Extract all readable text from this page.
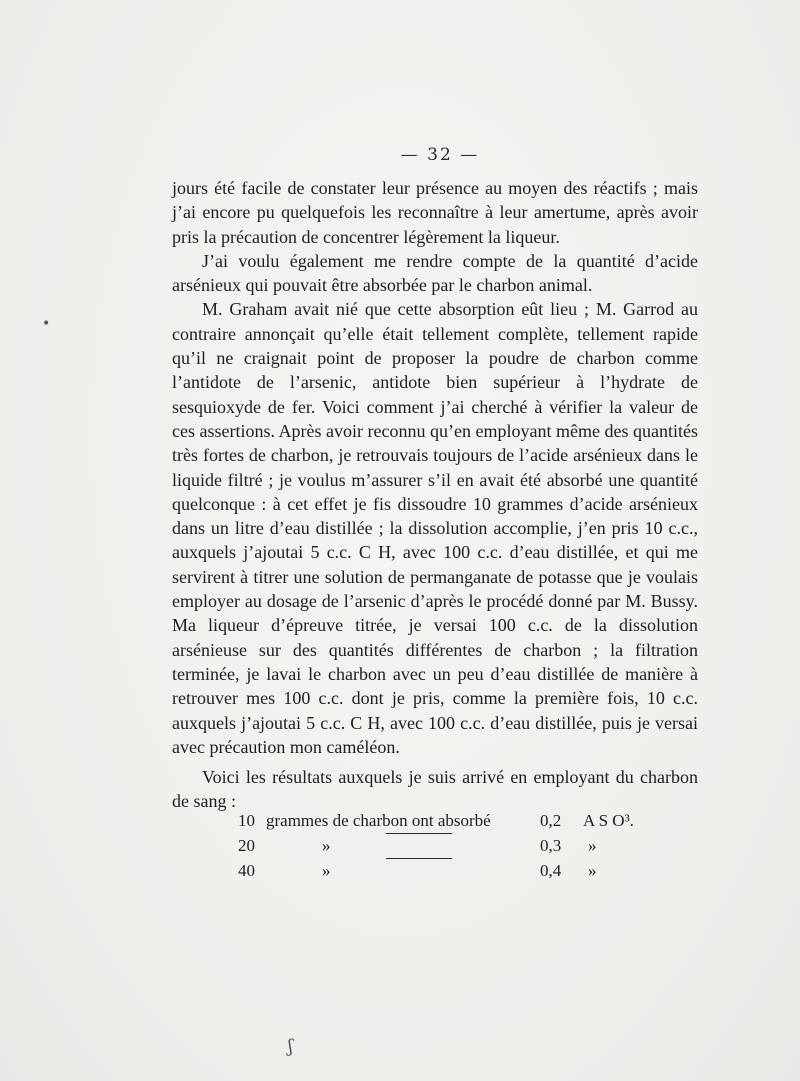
— 32 —

jours été facile de constater leur présence au moyen des réactifs ; mais j’ai encore pu quelquefois les reconnaître à leur amertume, après avoir pris la précaution de concentrer légèrement la liqueur.

J’ai voulu également me rendre compte de la quantité d’acide arsénieux qui pouvait être absorbée par le charbon animal.

M. Graham avait nié que cette absorption eût lieu ; M. Garrod au contraire annonçait qu’elle était tellement complète, tellement rapide qu’il ne craignait point de proposer la poudre de charbon comme l’antidote de l’arsenic, antidote bien supérieur à l’hydrate de sesquioxyde de fer. Voici comment j’ai cherché à vérifier la valeur de ces assertions. Après avoir reconnu qu’en employant même des quantités très fortes de charbon, je retrouvais toujours de l’acide arsénieux dans le liquide filtré ; je voulus m’assurer s’il en avait été absorbé une quantité quelconque : à cet effet je fis dissoudre 10 grammes d’acide arsénieux dans un litre d’eau distillée ; la dissolution accomplie, j’en pris 10 c.c., auxquels j’ajoutai 5 c.c. C H, avec 100 c.c. d’eau distillée, et qui me servirent à titrer une solution de permanganate de potasse que je voulais employer au dosage de l’arsenic d’après le procédé donné par M. Bussy. Ma liqueur d’épreuve titrée, je versai 100 c.c. de la dissolution arsénieuse sur des quantités différentes de charbon ; la filtration terminée, je lavai le charbon avec un peu d’eau distillée de manière à retrouver mes 100 c.c. dont je pris, comme la première fois, 10 c.c. auxquels j’ajoutai 5 c.c. C H, avec 100 c.c. d’eau distillée, puis je versai avec précaution mon caméléon.

Voici les résultats auxquels je suis arrivé en employant du charbon de sang :

10 grammes de charbon ont absorbé	0,2 A S O³.
20	»	0,3 »
40	»	0,4 »
•
ʃ
